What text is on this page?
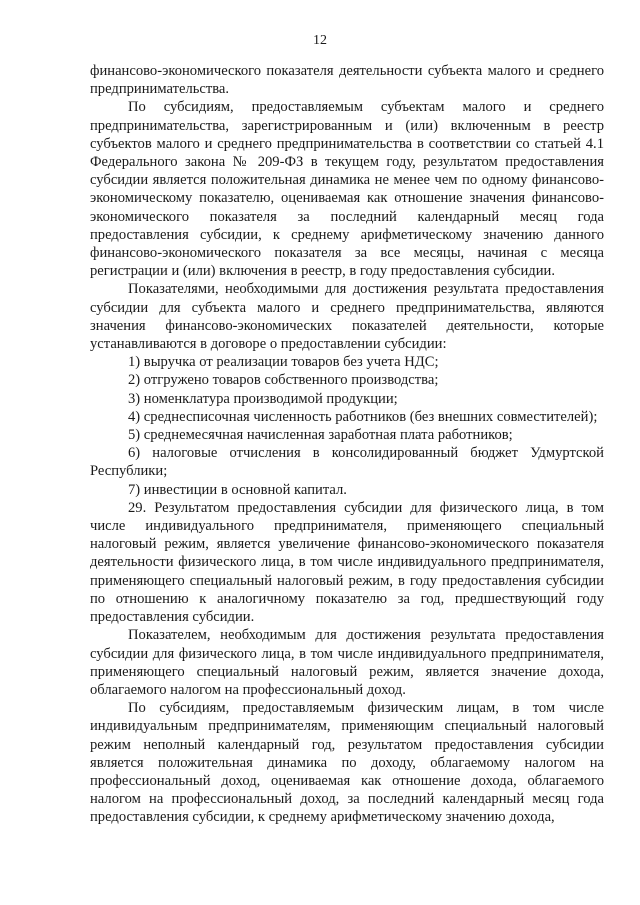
12

финансово-экономического показателя деятельности субъекта малого и среднего предпринимательства.

По субсидиям, предоставляемым субъектам малого и среднего предпринимательства, зарегистрированным и (или) включенным в реестр субъектов малого и среднего предпринимательства в соответствии со статьей 4.1 Федерального закона № 209-ФЗ в текущем году, результатом предоставления субсидии является положительная динамика не менее чем по одному финансово-экономическому показателю, оцениваемая как отношение значения финансово-экономического показателя за последний календарный месяц года предоставления субсидии, к среднему арифметическому значению данного финансово-экономического показателя за все месяцы, начиная с месяца регистрации и (или) включения в реестр, в году предоставления субсидии.

Показателями, необходимыми для достижения результата предоставления субсидии для субъекта малого и среднего предпринимательства, являются значения финансово-экономических показателей деятельности, которые устанавливаются в договоре о предоставлении субсидии:

1) выручка от реализации товаров без учета НДС;

2) отгружено товаров собственного производства;

3) номенклатура производимой продукции;

4) среднесписочная численность работников (без внешних совместителей);

5) среднемесячная начисленная заработная плата работников;

6) налоговые отчисления в консолидированный бюджет Удмуртской Республики;

7) инвестиции в основной капитал.

29. Результатом предоставления субсидии для физического лица, в том числе индивидуального предпринимателя, применяющего специальный налоговый режим, является увеличение финансово-экономического показателя деятельности физического лица, в том числе индивидуального предпринимателя, применяющего специальный налоговый режим, в году предоставления субсидии по отношению к аналогичному показателю за год, предшествующий году предоставления субсидии.

Показателем, необходимым для достижения результата предоставления субсидии для физического лица, в том числе индивидуального предпринимателя, применяющего специальный налоговый режим, является значение дохода, облагаемого налогом на профессиональный доход.

По субсидиям, предоставляемым физическим лицам, в том числе индивидуальным предпринимателям, применяющим специальный налоговый режим неполный календарный год, результатом предоставления субсидии является положительная динамика по доходу, облагаемому налогом на профессиональный доход, оцениваемая как отношение дохода, облагаемого налогом на профессиональный доход, за последний календарный месяц года предоставления субсидии, к среднему арифметическому значению дохода,
